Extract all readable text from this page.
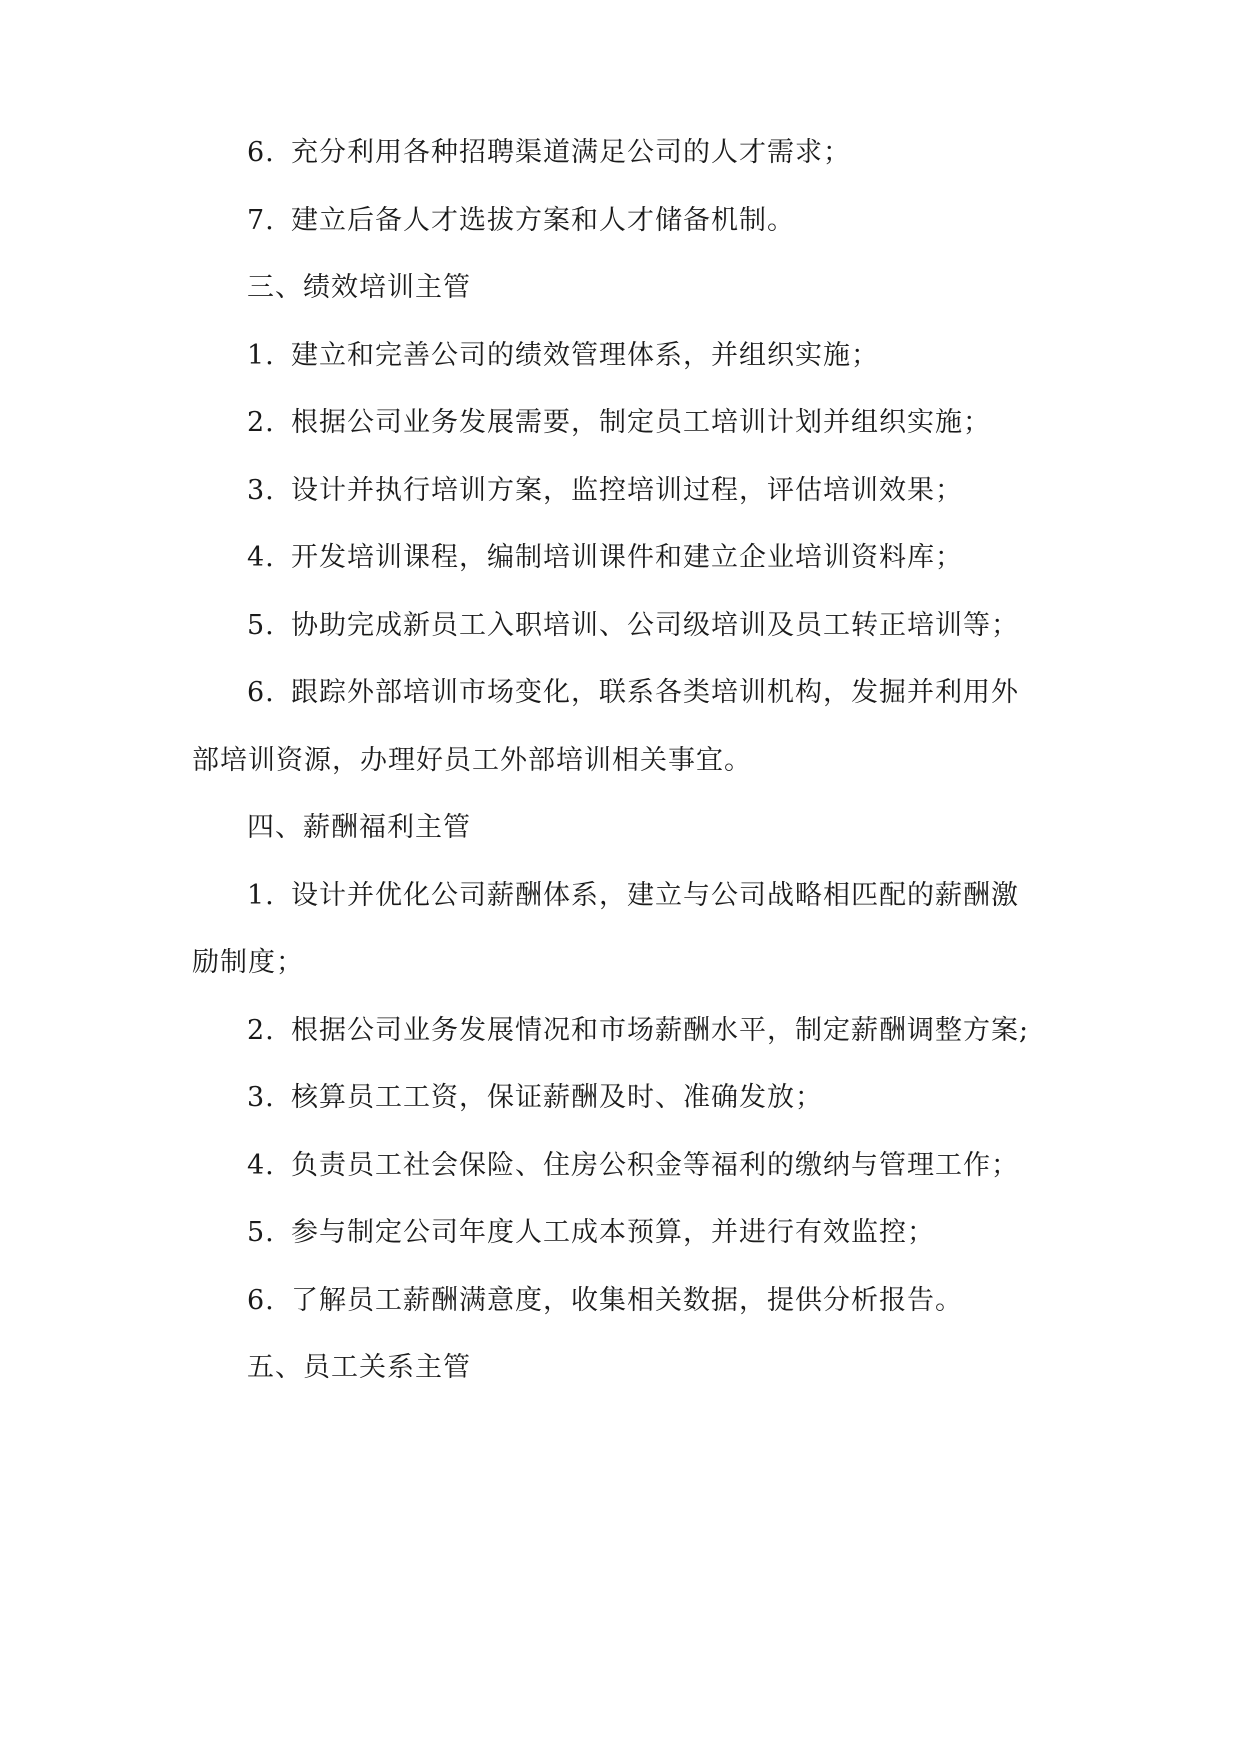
6. 充分利用各种招聘渠道满足公司的人才需求；
7. 建立后备人才选拔方案和人才储备机制。
三、绩效培训主管
1. 建立和完善公司的绩效管理体系，并组织实施；
2. 根据公司业务发展需要，制定员工培训计划并组织实施；
3. 设计并执行培训方案，监控培训过程，评估培训效果；
4. 开发培训课程，编制培训课件和建立企业培训资料库；
5. 协助完成新员工入职培训、公司级培训及员工转正培训等；
6. 跟踪外部培训市场变化，联系各类培训机构，发掘并利用外
部培训资源，办理好员工外部培训相关事宜。
四、薪酬福利主管
1. 设计并优化公司薪酬体系，建立与公司战略相匹配的薪酬激
励制度；
2. 根据公司业务发展情况和市场薪酬水平，制定薪酬调整方案;
3. 核算员工工资，保证薪酬及时、准确发放；
4. 负责员工社会保险、住房公积金等福利的缴纳与管理工作；
5. 参与制定公司年度人工成本预算，并进行有效监控；
6. 了解员工薪酬满意度，收集相关数据，提供分析报告。
五、员工关系主管
